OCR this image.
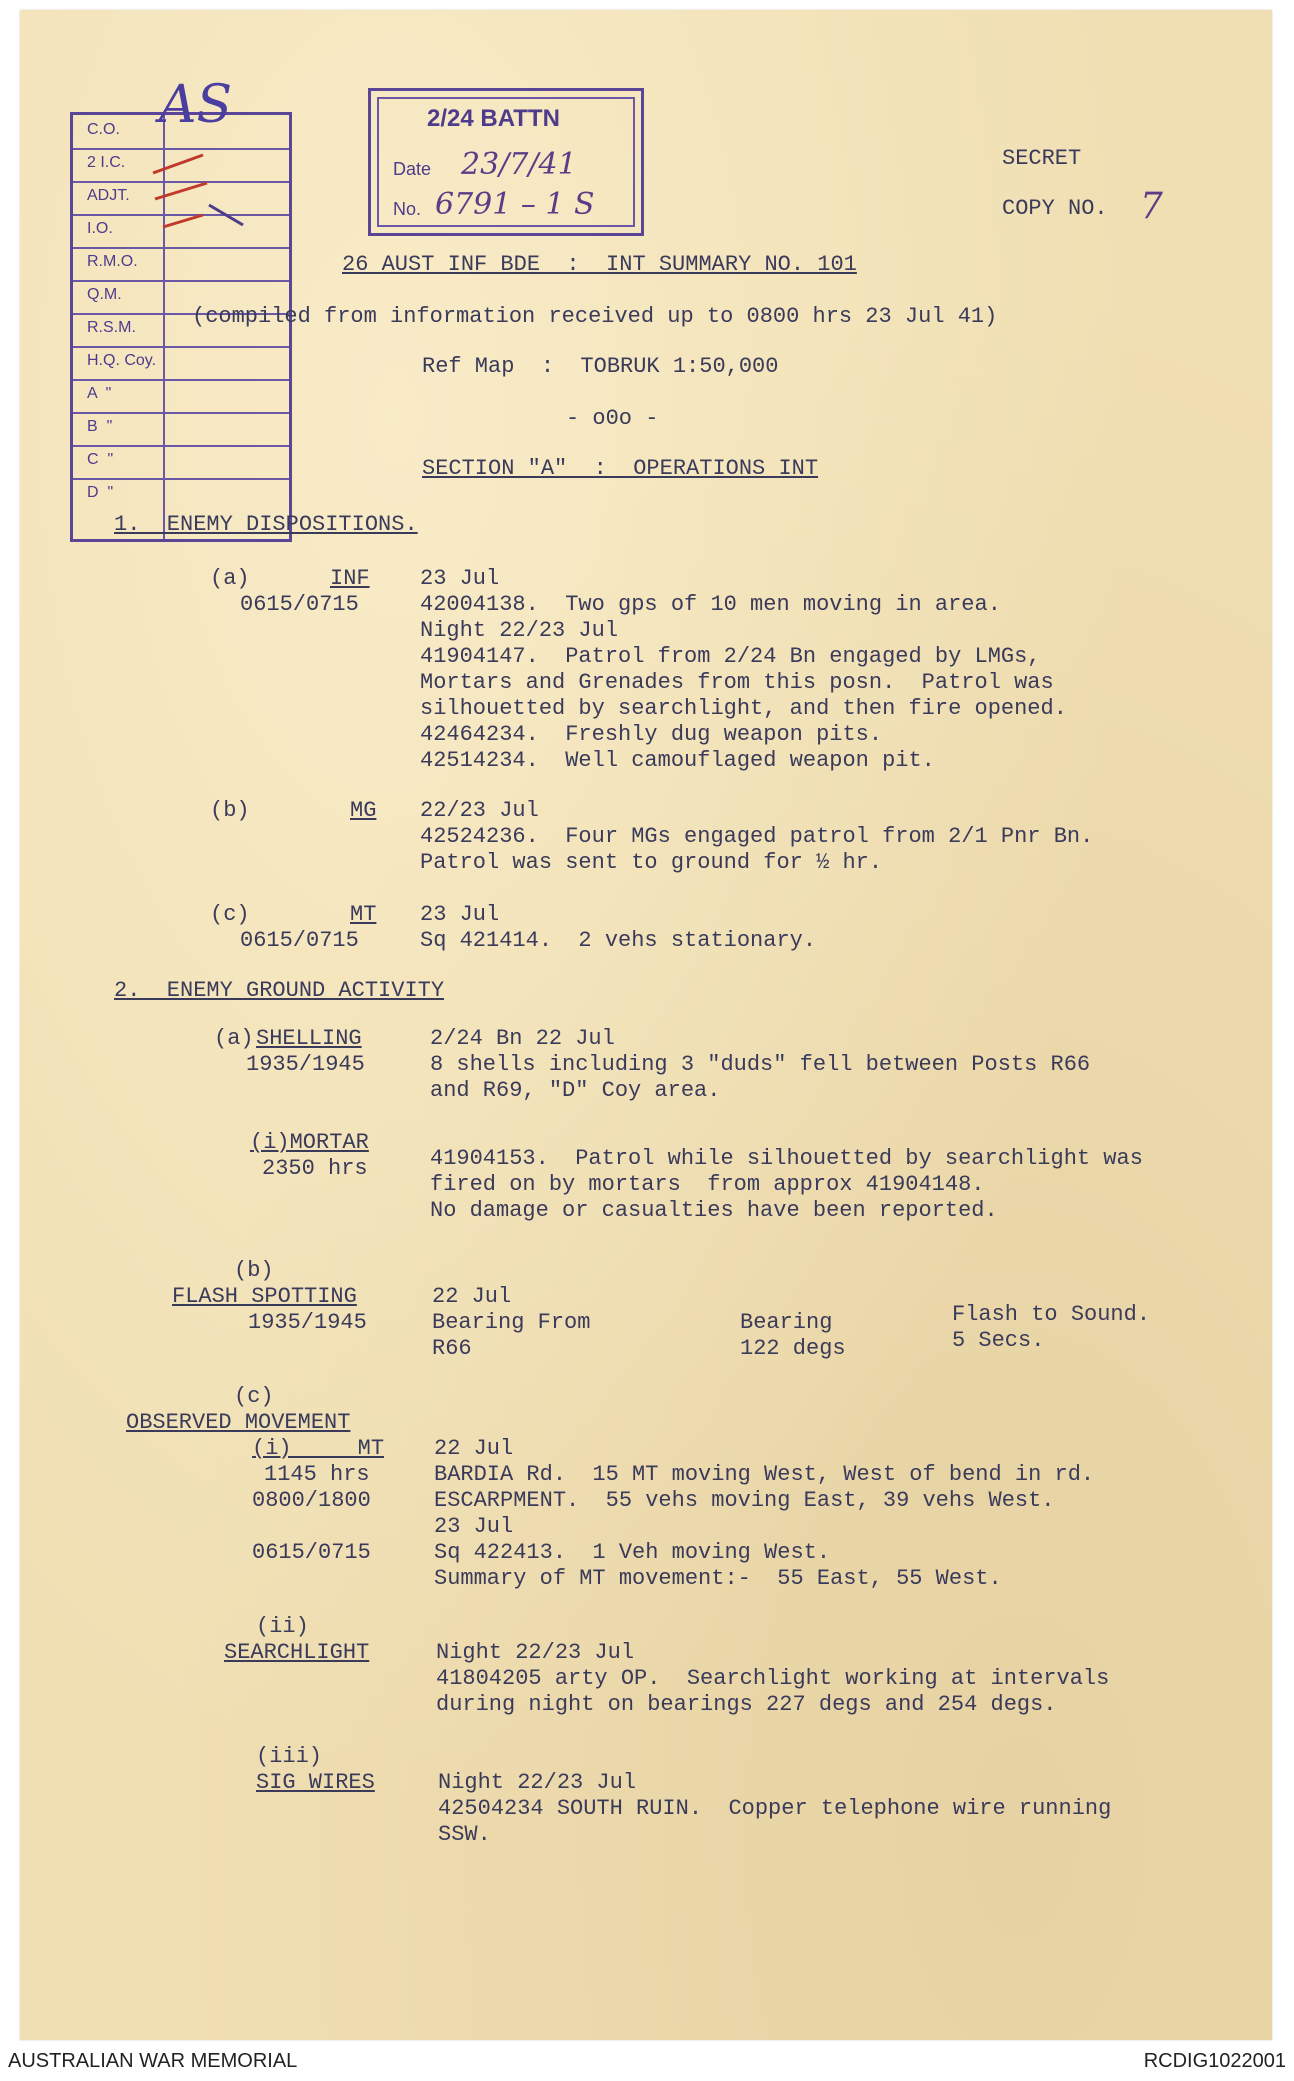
C.O.
2 I.C.
ADJT.
I.O.
R.M.O.
Q.M.
R.S.M.
H.Q. Coy.
A  "
B  "
C  "
D  "
AS	2/24 BATTN
Date 23/7/41
No. 6791 – 1 S
SECRET
COPY NO. 7
26 AUST INF BDE  :  INT SUMMARY NO. 101
(compiled from information received up to 0800 hrs 23 Jul 41)
Ref Map  :  TOBRUK 1:50,000
- o0o -
SECTION "A"  :  OPERATIONS INT
1.  ENEMY DISPOSITIONS.
(a)	INF
0615/0715
23 Jul
42004138.  Two gps of 10 men moving in area.
Night 22/23 Jul
41904147.  Patrol from 2/24 Bn engaged by LMGs,
Mortars and Grenades from this posn.  Patrol was
silhouetted by searchlight, and then fire opened.
42464234.  Freshly dug weapon pits.
42514234.  Well camouflaged weapon pit.
(b)	MG 22/23 Jul
42524236.  Four MGs engaged patrol from 2/1 Pnr Bn.
Patrol was sent to ground for ½ hr.
(c)	MT
0615/0715
23 Jul
Sq 421414.  2 vehs stationary.
2.  ENEMY GROUND ACTIVITY
(a) SHELLING
1935/1945
2/24 Bn 22 Jul
8 shells including 3 "duds" fell between Posts R66
and R69, "D" Coy area.
(i)MORTAR
2350 hrs	41904153.  Patrol while silhouetted by searchlight was
fired on by mortars  from approx 41904148.
No damage or casualties have been reported.
(b)
FLASH SPOTTING
1935/1945
22 Jul
Bearing From	Bearing	Flash to Sound.
R66	122 degs	5 Secs.
(c)
OBSERVED MOVEMENT
(i)     MT 22 Jul
1145 hrs	BARDIA Rd.  15 MT moving West, West of bend in rd.
0800/1800	ESCARPMENT.  55 vehs moving East, 39 vehs West.
23 Jul
0615/0715	Sq 422413.  1 Veh moving West.
Summary of MT movement:-  55 East, 55 West.
(ii)
SEARCHLIGHT	Night 22/23 Jul
41804205 arty OP.  Searchlight working at intervals
during night on bearings 227 degs and 254 degs.
(iii)
SIG WIRES	Night 22/23 Jul
42504234 SOUTH RUIN.  Copper telephone wire running
SSW.
AUSTRALIAN WAR MEMORIAL	RCDIG1022001
